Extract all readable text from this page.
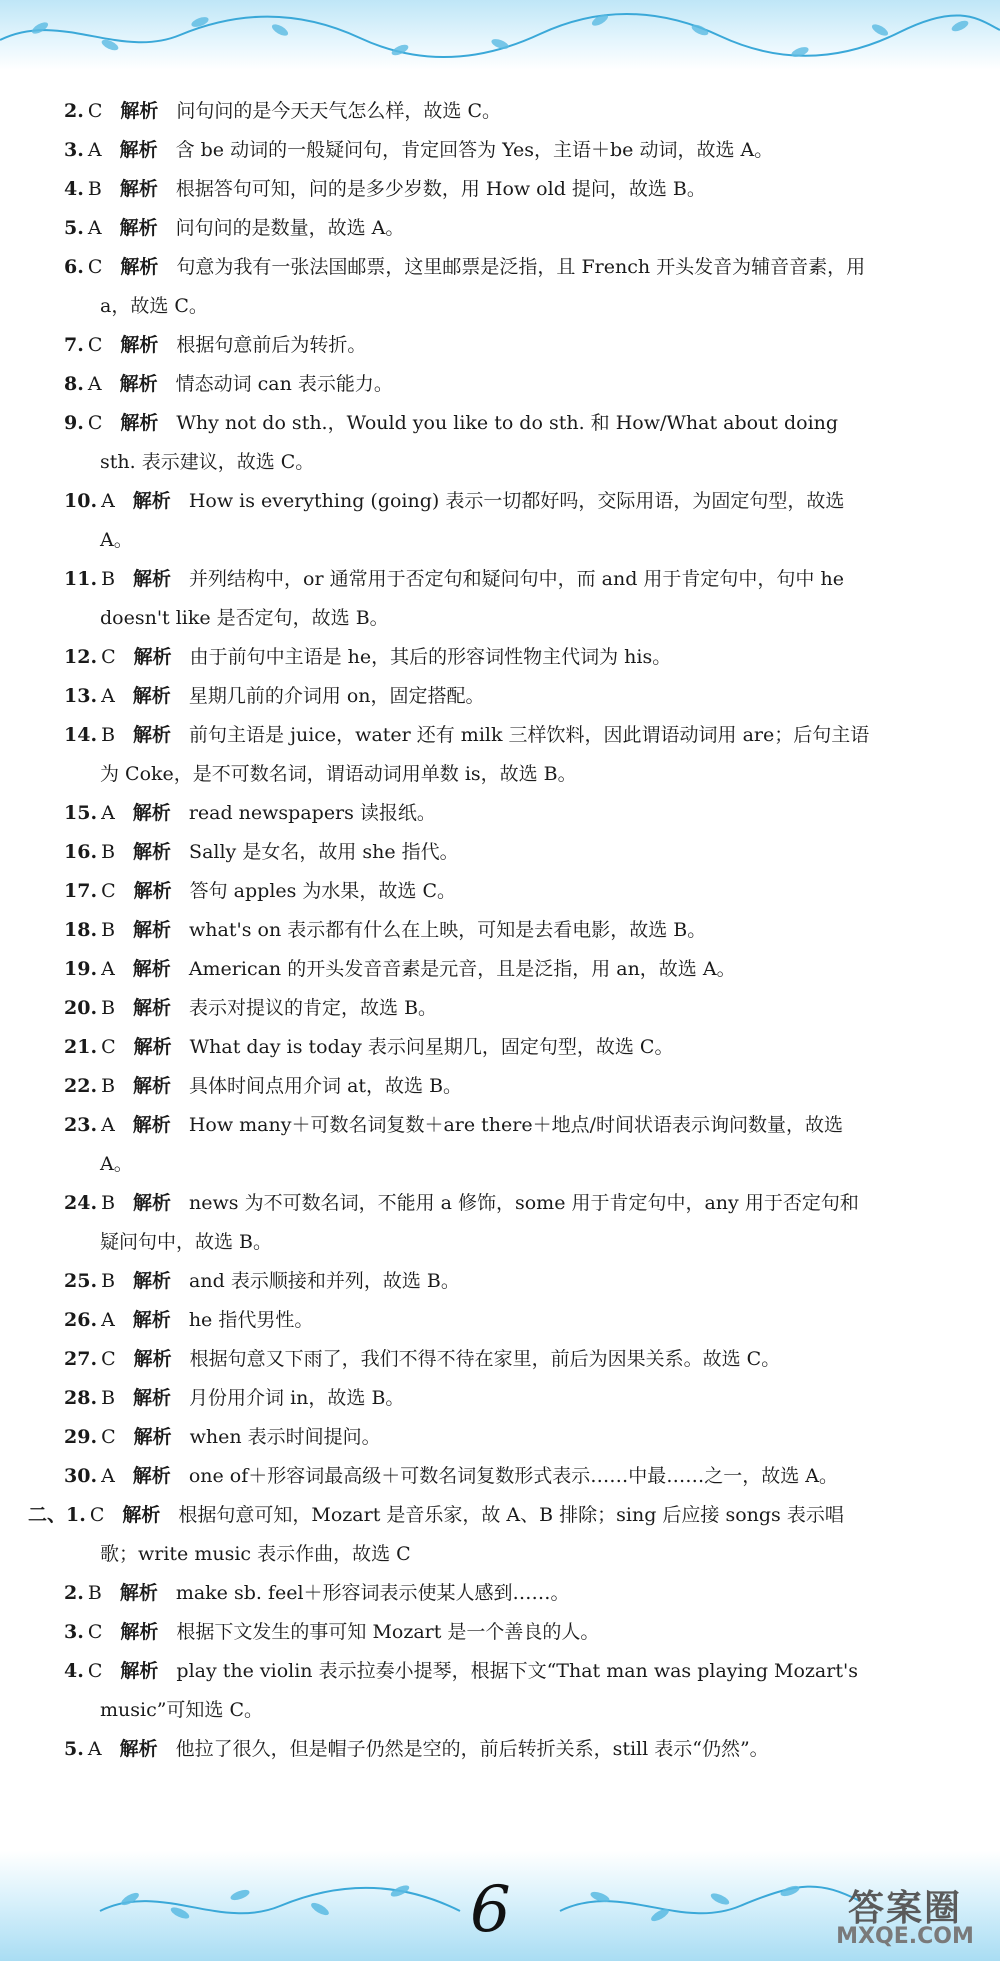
2. C 解析 问句问的是今天天气怎么样，故选 C。
3. A 解析 含 be 动词的一般疑问句，肯定回答为 Yes，主语＋be 动词，故选 A。
4. B 解析 根据答句可知，问的是多少岁数，用 How old 提问，故选 B。
5. A 解析 问句问的是数量，故选 A。
6. C 解析 句意为我有一张法国邮票，这里邮票是泛指，且 French 开头发音为辅音音素，用 a，故选 C。
7. C 解析 根据句意前后为转折。
8. A 解析 情态动词 can 表示能力。
9. C 解析 Why not do sth.，Would you like to do sth. 和 How/What about doing sth. 表示建议，故选 C。
10. A 解析 How is everything (going) 表示一切都好吗，交际用语，为固定句型，故选 A。
11. B 解析 并列结构中，or 通常用于否定句和疑问句中，而 and 用于肯定句中，句中 he doesn't like 是否定句，故选 B。
12. C 解析 由于前句中主语是 he，其后的形容词性物主代词为 his。
13. A 解析 星期几前的介词用 on，固定搭配。
14. B 解析 前句主语是 juice，water 还有 milk 三样饮料，因此谓语动词用 are；后句主语为 Coke，是不可数名词，谓语动词用单数 is，故选 B。
15. A 解析 read newspapers 读报纸。
16. B 解析 Sally 是女名，故用 she 指代。
17. C 解析 答句 apples 为水果，故选 C。
18. B 解析 what's on 表示都有什么在上映，可知是去看电影，故选 B。
19. A 解析 American 的开头发音音素是元音，且是泛指，用 an，故选 A。
20. B 解析 表示对提议的肯定，故选 B。
21. C 解析 What day is today 表示问星期几，固定句型，故选 C。
22. B 解析 具体时间点用介词 at，故选 B。
23. A 解析 How many＋可数名词复数＋are there＋地点/时间状语表示询问数量，故选 A。
24. B 解析 news 为不可数名词，不能用 a 修饰，some 用于肯定句中，any 用于否定句和疑问句中，故选 B。
25. B 解析 and 表示顺接和并列，故选 B。
26. A 解析 he 指代男性。
27. C 解析 根据句意又下雨了，我们不得不待在家里，前后为因果关系。故选 C。
28. B 解析 月份用介词 in，故选 B。
29. C 解析 when 表示时间提问。
30. A 解析 one of＋形容词最高级＋可数名词复数形式表示……中最……之一，故选 A。
二、1. C 解析 根据句意可知，Mozart 是音乐家，故 A、B 排除；sing 后应接 songs 表示唱歌；write music 表示作曲，故选 C
2. B 解析 make sb. feel＋形容词表示使某人感到……。
3. C 解析 根据下文发生的事可知 Mozart 是一个善良的人。
4. C 解析 play the violin 表示拉奏小提琴，根据下文“That man was playing Mozart's music”可知选 C。
5. A 解析 他拉了很久，但是帽子仍然是空的，前后转折关系，still 表示“仍然”。
6	答案圈
MXQE.COM
